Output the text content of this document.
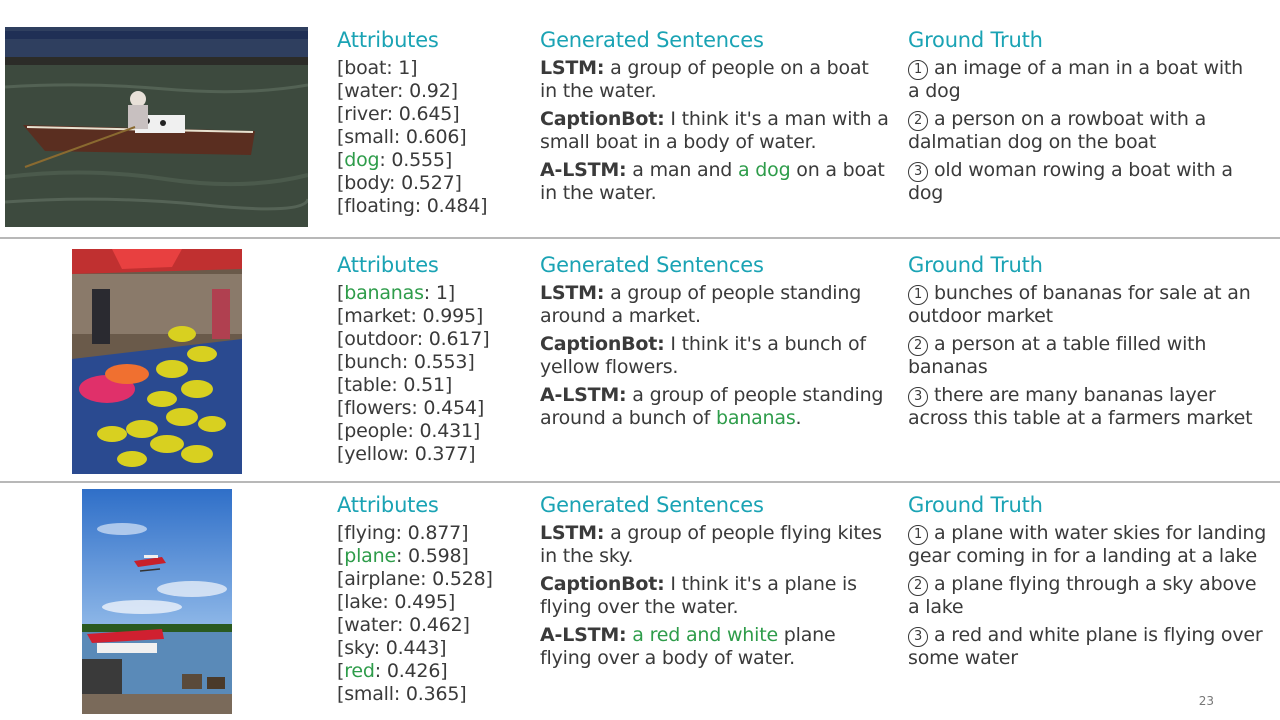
Attributes
[boat: 1]
[water: 0.92]
[river: 0.645]
[small: 0.606]
[dog: 0.555]
[body: 0.527]
[floating: 0.484]
Generated Sentences
LSTM: a group of people on a boat in the water.
CaptionBot: I think it's a man with a small boat in a body of water.
A-LSTM: a man and a dog on a boat in the water.
Ground Truth
1 an image of a man in a boat with a dog
2 a person on a rowboat with a dalmatian dog on the boat
3 old woman rowing a boat with a dog
Attributes
[bananas: 1]
[market: 0.995]
[outdoor: 0.617]
[bunch: 0.553]
[table: 0.51]
[flowers: 0.454]
[people: 0.431]
[yellow: 0.377]
Generated Sentences
LSTM: a group of people standing around a market.
CaptionBot: I think it's a bunch of yellow flowers.
A-LSTM: a group of people standing around a bunch of bananas.
Ground Truth
1 bunches of bananas for sale at an outdoor market
2 a person at a table filled with bananas
3 there are many bananas layer across this table at a farmers market
Attributes
[flying: 0.877]
[plane: 0.598]
[airplane: 0.528]
[lake: 0.495]
[water: 0.462]
[sky: 0.443]
[red: 0.426]
[small: 0.365]
Generated Sentences
LSTM: a group of people flying kites in the sky.
CaptionBot: I think it's a plane is flying over the water.
A-LSTM: a red and white plane flying over a body of water.
Ground Truth
1 a plane with water skies for landing gear coming in for a landing at a lake
2 a plane flying through a sky above a lake
3 a red and white plane is flying over some water
23
